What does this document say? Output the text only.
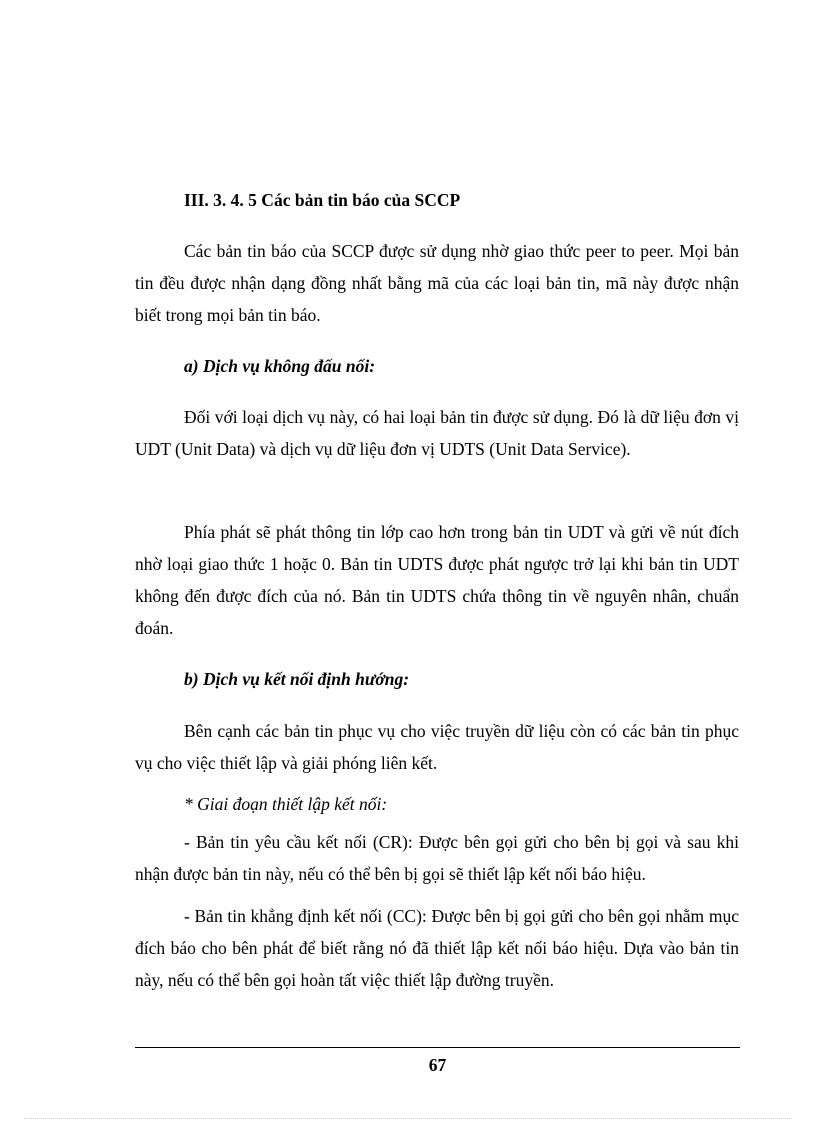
III. 3. 4. 5 Các bản tin báo của SCCP

Các bản tin báo của SCCP được sử dụng nhờ giao thức peer to peer. Mọi bản tin đều được nhận dạng đồng nhất bằng mã của các loại bản tin, mã này được nhận biết trong mọi bản tin báo.

a) Dịch vụ không đấu nối:

Đối với loại dịch vụ này, có hai loại bản tin được sử dụng. Đó là dữ liệu đơn vị UDT (Unit Data) và dịch vụ dữ liệu đơn vị UDTS (Unit Data Service).

Phía phát sẽ phát thông tin lớp cao hơn trong bản tin UDT và gửi về nút đích nhờ loại giao thức 1 hoặc 0. Bản tin UDTS được phát ngược trở lại khi bản tin UDT không đến được đích của nó. Bản tin UDTS chứa thông tin về nguyên nhân, chuẩn đoán.

b) Dịch vụ kết nối định hướng:

Bên cạnh các bản tin phục vụ cho việc truyền dữ liệu còn có các bản tin phục vụ cho việc thiết lập và giải phóng liên kết.

* Giai đoạn thiết lập kết nối:

- Bản tin yêu cầu kết nối (CR): Được bên gọi gửi cho bên bị gọi và sau khi nhận được bản tin này, nếu có thể bên bị gọi sẽ thiết lập kết nối báo hiệu.

- Bản tin khẳng định kết nối (CC): Được bên bị gọi gửi cho bên gọi nhằm mục đích báo cho bên phát để biết rằng nó đã thiết lập kết nối báo hiệu. Dựa vào bản tin này, nếu có thể bên gọi hoàn tất việc thiết lập đường truyền.

67
